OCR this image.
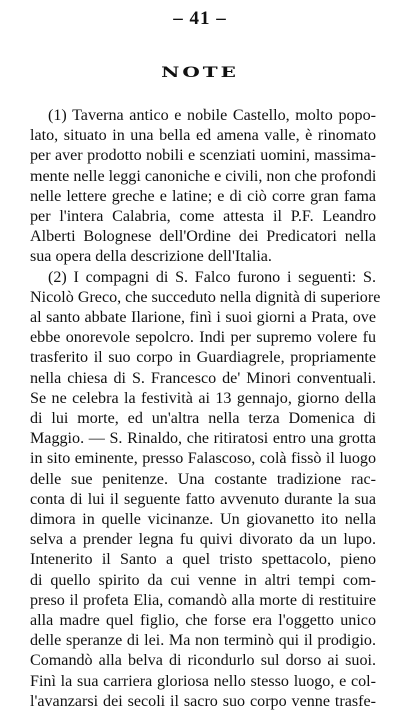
– 41 –
NOTE
(1) Taverna antico e nobile Castello, molto popo-
lato, situato in una bella ed amena valle, è rinomato
per aver prodotto nobili e scenziati uomini, massima-
mente nelle leggi canoniche e civili, non che profondi
nelle lettere greche e latine; e di ciò corre gran fama
per l'intera Calabria, come attesta il P.F. Leandro
Alberti Bolognese dell'Ordine dei Predicatori nella
sua opera della descrizione dell'Italia.
(2) I compagni di S. Falco furono i seguenti: S.
Nicolò Greco, che succeduto nella dignità di superiore
al santo abbate Ilarione, finì i suoi giorni a Prata, ove
ebbe onorevole sepolcro. Indi per supremo volere fu
trasferito il suo corpo in Guardiagrele, propriamente
nella chiesa di S. Francesco de' Minori conventuali.
Se ne celebra la festività ai 13 gennajo, giorno della
di lui morte, ed un'altra nella terza Domenica di
Maggio. — S. Rinaldo, che ritiratosi entro una grotta
in sito eminente, presso Falascoso, colà fissò il luogo
delle sue penitenze. Una costante tradizione rac-
conta di lui il seguente fatto avvenuto durante la sua
dimora in quelle vicinanze. Un giovanetto ito nella
selva a prender legna fu quivi divorato da un lupo.
Intenerito il Santo a quel tristo spettacolo, pieno
di quello spirito da cui venne in altri tempi com-
preso il profeta Elia, comandò alla morte di restituire
alla madre quel figlio, che forse era l'oggetto unico
delle speranze di lei. Ma non terminò qui il prodigio.
Comandò alla belva di ricondurlo sul dorso ai suoi.
Finì la sua carriera gloriosa nello stesso luogo, e col-
l'avanzarsi dei secoli il sacro suo corpo venne trasfe-
